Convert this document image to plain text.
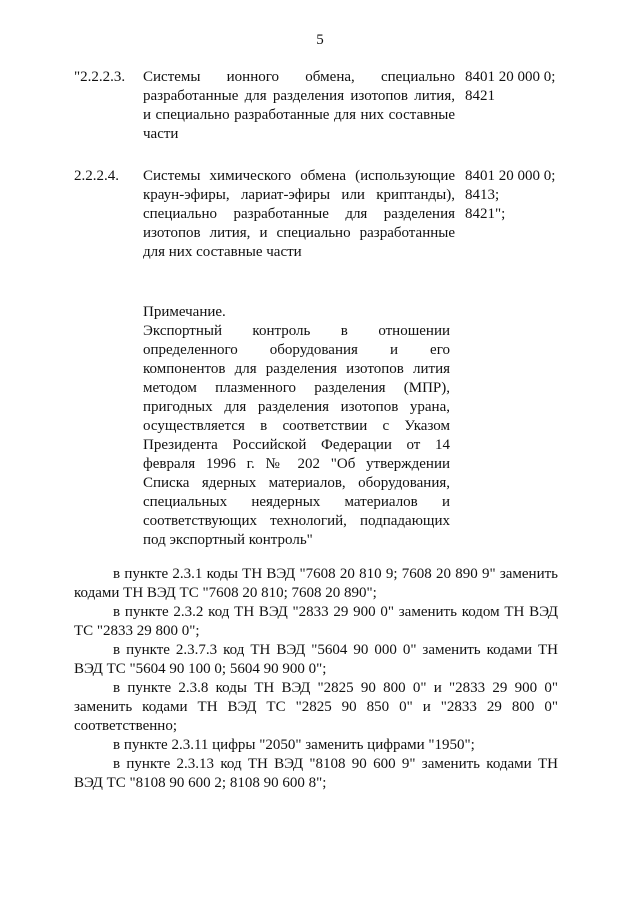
5
"2.2.2.3. Системы ионного обмена, специально разработанные для разделения изотопов лития, и специально разработанные для них составные части

8401 20 000 0;
8421
2.2.2.4. Системы химического обмена (использующие краун-эфиры, лариат-эфиры или криптанды), специально разработанные для разделения изотопов лития, и специально разработанные для них составные части

8401 20 000 0;
8413;
8421";

Примечание.

Экспортный контроль в отношении определенного оборудования и его компонентов для разделения изотопов лития методом плазменного разделения (МПР), пригодных для разделения изотопов урана, осуществляется в соответствии с Указом Президента Российской Федерации от 14 февраля 1996 г. № 202 "Об утверждении Списка ядерных материалов, оборудования, специальных неядерных материалов и соответствующих технологий, подпадающих под экспортный контроль"

в пункте 2.3.1 коды ТН ВЭД "7608 20 810 9; 7608 20 890 9" заменить кодами ТН ВЭД ТС "7608 20 810; 7608 20 890";

в пункте 2.3.2 код ТН ВЭД "2833 29 900 0" заменить кодом ТН ВЭД ТС "2833 29 800 0";

в пункте 2.3.7.3 код ТН ВЭД "5604 90 000 0" заменить кодами ТН ВЭД ТС "5604 90 100 0; 5604 90 900 0";

в пункте 2.3.8 коды ТН ВЭД "2825 90 800 0" и "2833 29 900 0" заменить кодами ТН ВЭД ТС "2825 90 850 0" и "2833 29 800 0" соответственно;

в пункте 2.3.11 цифры "2050" заменить цифрами "1950";

в пункте 2.3.13 код ТН ВЭД "8108 90 600 9" заменить кодами ТН ВЭД ТС "8108 90 600 2; 8108 90 600 8";
